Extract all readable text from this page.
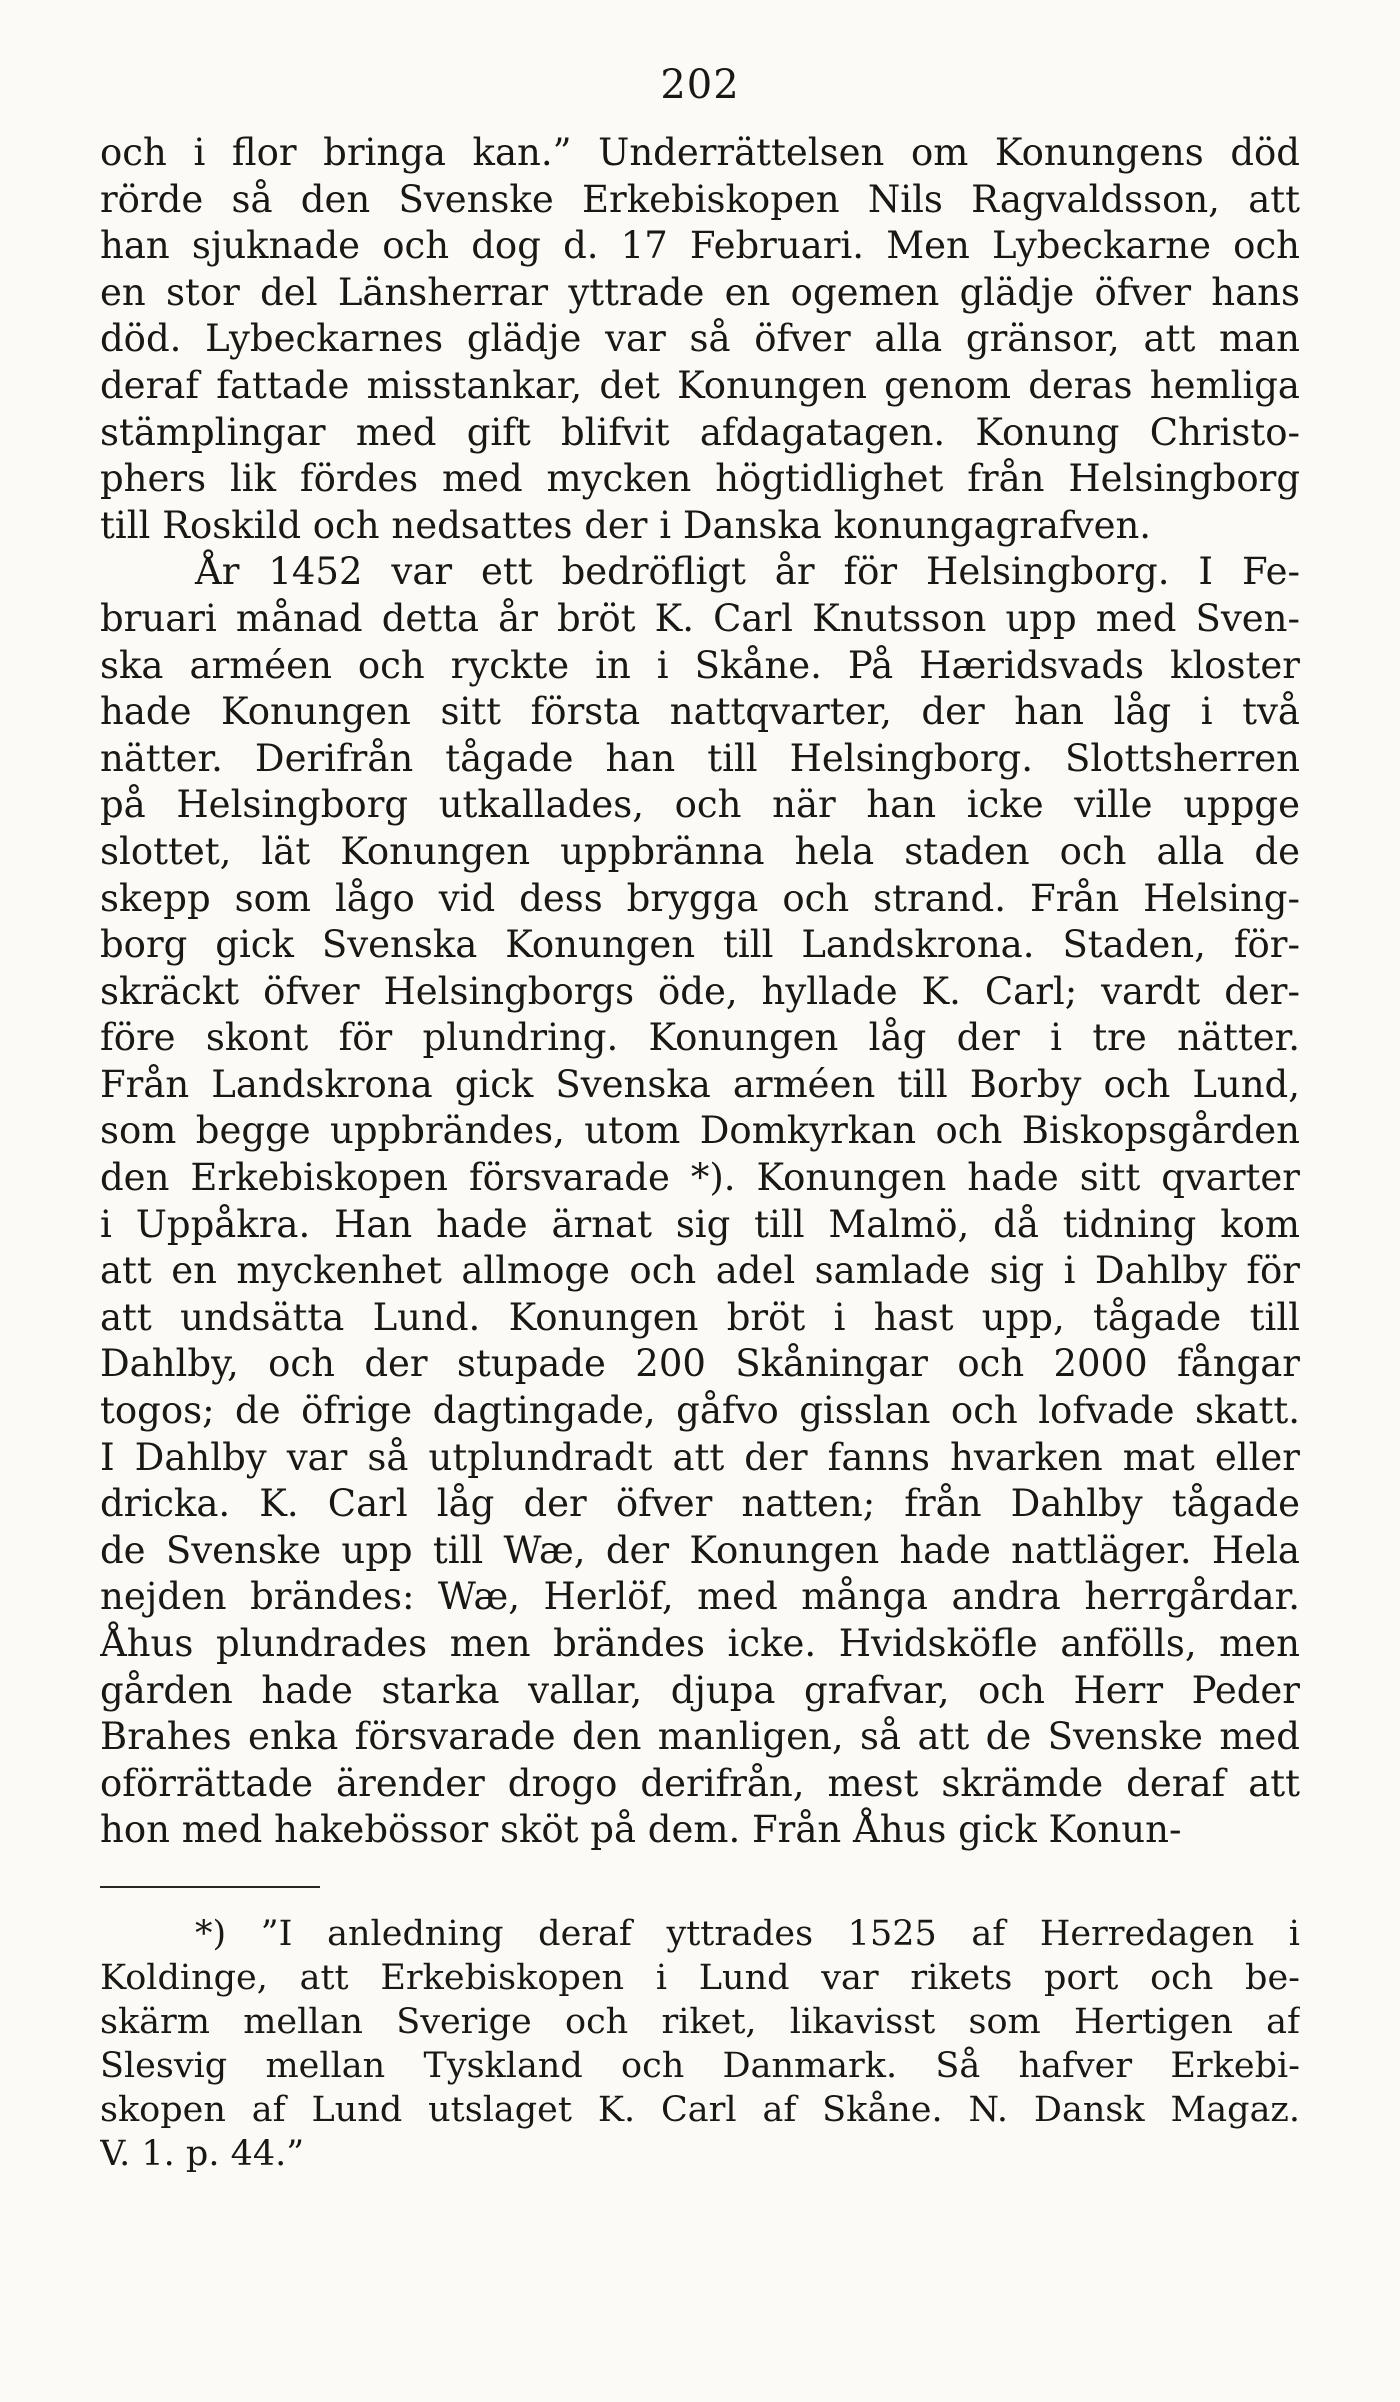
202
och i flor bringa kan.” Underrättelsen om Konungens död
rörde så den Svenske Erkebiskopen Nils Ragvaldsson, att
han sjuknade och dog d. 17 Februari. Men Lybeckarne och
en stor del Länsherrar yttrade en ogemen glädje öfver hans
död. Lybeckarnes glädje var så öfver alla gränsor, att man
deraf fattade misstankar, det Konungen genom deras hemliga
stämplingar med gift blifvit afdagatagen. Konung Christo-
phers lik fördes med mycken högtidlighet från Helsingborg
till Roskild och nedsattes der i Danska konungagrafven.
År 1452 var ett bedröfligt år för Helsingborg. I Fe-
bruari månad detta år bröt K. Carl Knutsson upp med Sven-
ska arméen och ryckte in i Skåne. På Hæridsvads kloster
hade Konungen sitt första nattqvarter, der han låg i två
nätter. Derifrån tågade han till Helsingborg. Slottsherren
på Helsingborg utkallades, och när han icke ville uppge
slottet, lät Konungen uppbränna hela staden och alla de
skepp som lågo vid dess brygga och strand. Från Helsing-
borg gick Svenska Konungen till Landskrona. Staden, för-
skräckt öfver Helsingborgs öde, hyllade K. Carl; vardt der-
före skont för plundring. Konungen låg der i tre nätter.
Från Landskrona gick Svenska arméen till Borby och Lund,
som begge uppbrändes, utom Domkyrkan och Biskopsgården
den Erkebiskopen försvarade *). Konungen hade sitt qvarter
i Uppåkra. Han hade ärnat sig till Malmö, då tidning kom
att en myckenhet allmoge och adel samlade sig i Dahlby för
att undsätta Lund. Konungen bröt i hast upp, tågade till
Dahlby, och der stupade 200 Skåningar och 2000 fångar
togos; de öfrige dagtingade, gåfvo gisslan och lofvade skatt.
I Dahlby var så utplundradt att der fanns hvarken mat eller
dricka. K. Carl låg der öfver natten; från Dahlby tågade
de Svenske upp till Wæ, der Konungen hade nattläger. Hela
nejden brändes: Wæ, Herlöf, med många andra herrgårdar.
Åhus plundrades men brändes icke. Hvidsköfle anfölls, men
gården hade starka vallar, djupa grafvar, och Herr Peder
Brahes enka försvarade den manligen, så att de Svenske med
oförrättade ärender drogo derifrån, mest skrämde deraf att
hon med hakebössor sköt på dem. Från Åhus gick Konun-
*) ”I anledning deraf yttrades 1525 af Herredagen i
Koldinge, att Erkebiskopen i Lund var rikets port och be-
skärm mellan Sverige och riket, likavisst som Hertigen af
Slesvig mellan Tyskland och Danmark. Så hafver Erkebi-
skopen af Lund utslaget K. Carl af Skåne. N. Dansk Magaz.
V. 1. p. 44.”
